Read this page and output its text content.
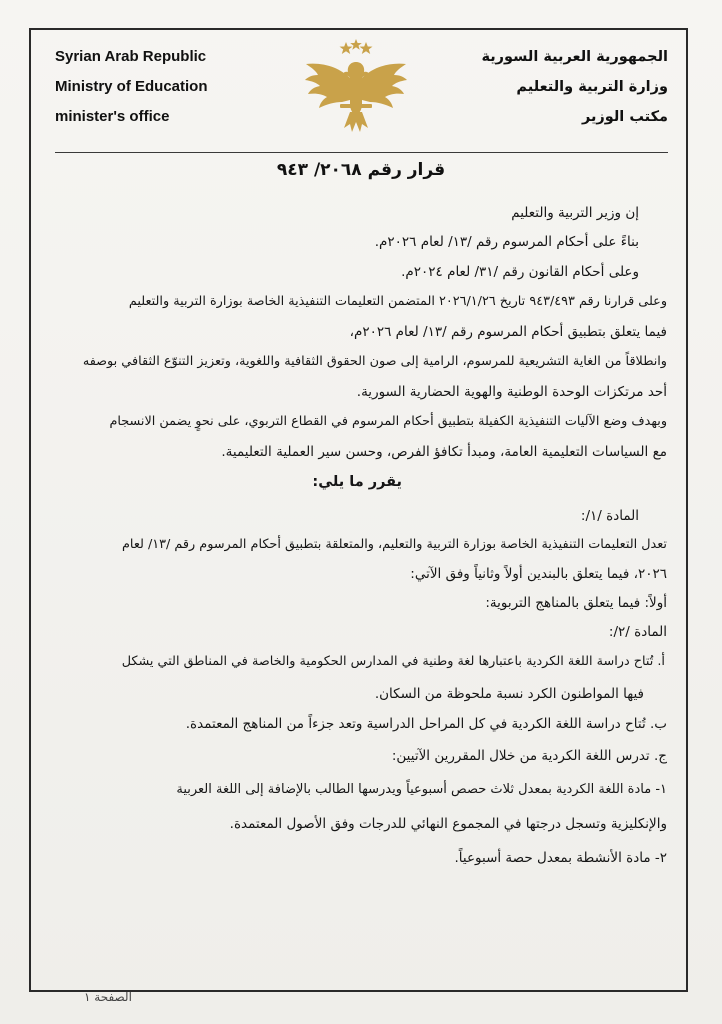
Syrian Arab Republic
Ministry of Education
minister's office
الجمهورية العربية السورية
وزارة التربية والتعليم
مكتب الوزير
قرار رقم ٢٠٦٨/ ٩٤٣
إن وزير التربية والتعليم
بناءً على أحكام المرسوم رقم /١٣/ لعام ٢٠٢٦م.
وعلى أحكام القانون رقم /٣١/ لعام ٢٠٢٤م.
وعلى قرارنا رقم ٩٤٣/٤٩٣ تاريخ ٢٠٢٦/١/٢٦ المتضمن التعليمات التنفيذية الخاصة بوزارة التربية والتعليم
فيما يتعلق بتطبيق أحكام المرسوم رقم /١٣/ لعام ٢٠٢٦م،
وانطلاقاً من الغاية التشريعية للمرسوم، الرامية إلى صون الحقوق الثقافية واللغوية، وتعزيز التنوّع الثقافي بوصفه
أحد مرتكزات الوحدة الوطنية والهوية الحضارية السورية.
وبهدف وضع الآليات التنفيذية الكفيلة بتطبيق أحكام المرسوم في القطاع التربوي، على نحوٍ يضمن الانسجام
مع السياسات التعليمية العامة، ومبدأ تكافؤ الفرص، وحسن سير العملية التعليمية.
يقرر ما يلي:
المادة /١/:
تعدل التعليمات التنفيذية الخاصة بوزارة التربية والتعليم، والمتعلقة بتطبيق أحكام المرسوم رقم /١٣/ لعام
٢٠٢٦، فيما يتعلق بالبندين أولاً وثانياً وفق الآتي:
أولاً: فيما يتعلق بالمناهج التربوية:
المادة /٢/:
أ. تُتاح دراسة اللغة الكردية باعتبارها لغة وطنية في المدارس الحكومية والخاصة في المناطق التي يشكل
فيها المواطنون الكرد نسبة ملحوظة من السكان.
ب. تُتاح دراسة اللغة الكردية في كل المراحل الدراسية وتعد جزءاً من المناهج المعتمدة.
ج. تدرس اللغة الكردية من خلال المقررين الآتيين:
١- مادة اللغة الكردية بمعدل ثلاث حصص أسبوعياً ويدرسها الطالب بالإضافة إلى اللغة العربية
والإنكليزية وتسجل درجتها في المجموع النهائي للدرجات وفق الأصول المعتمدة.
٢- مادة الأنشطة بمعدل حصة أسبوعياً.
الصفحة ١
